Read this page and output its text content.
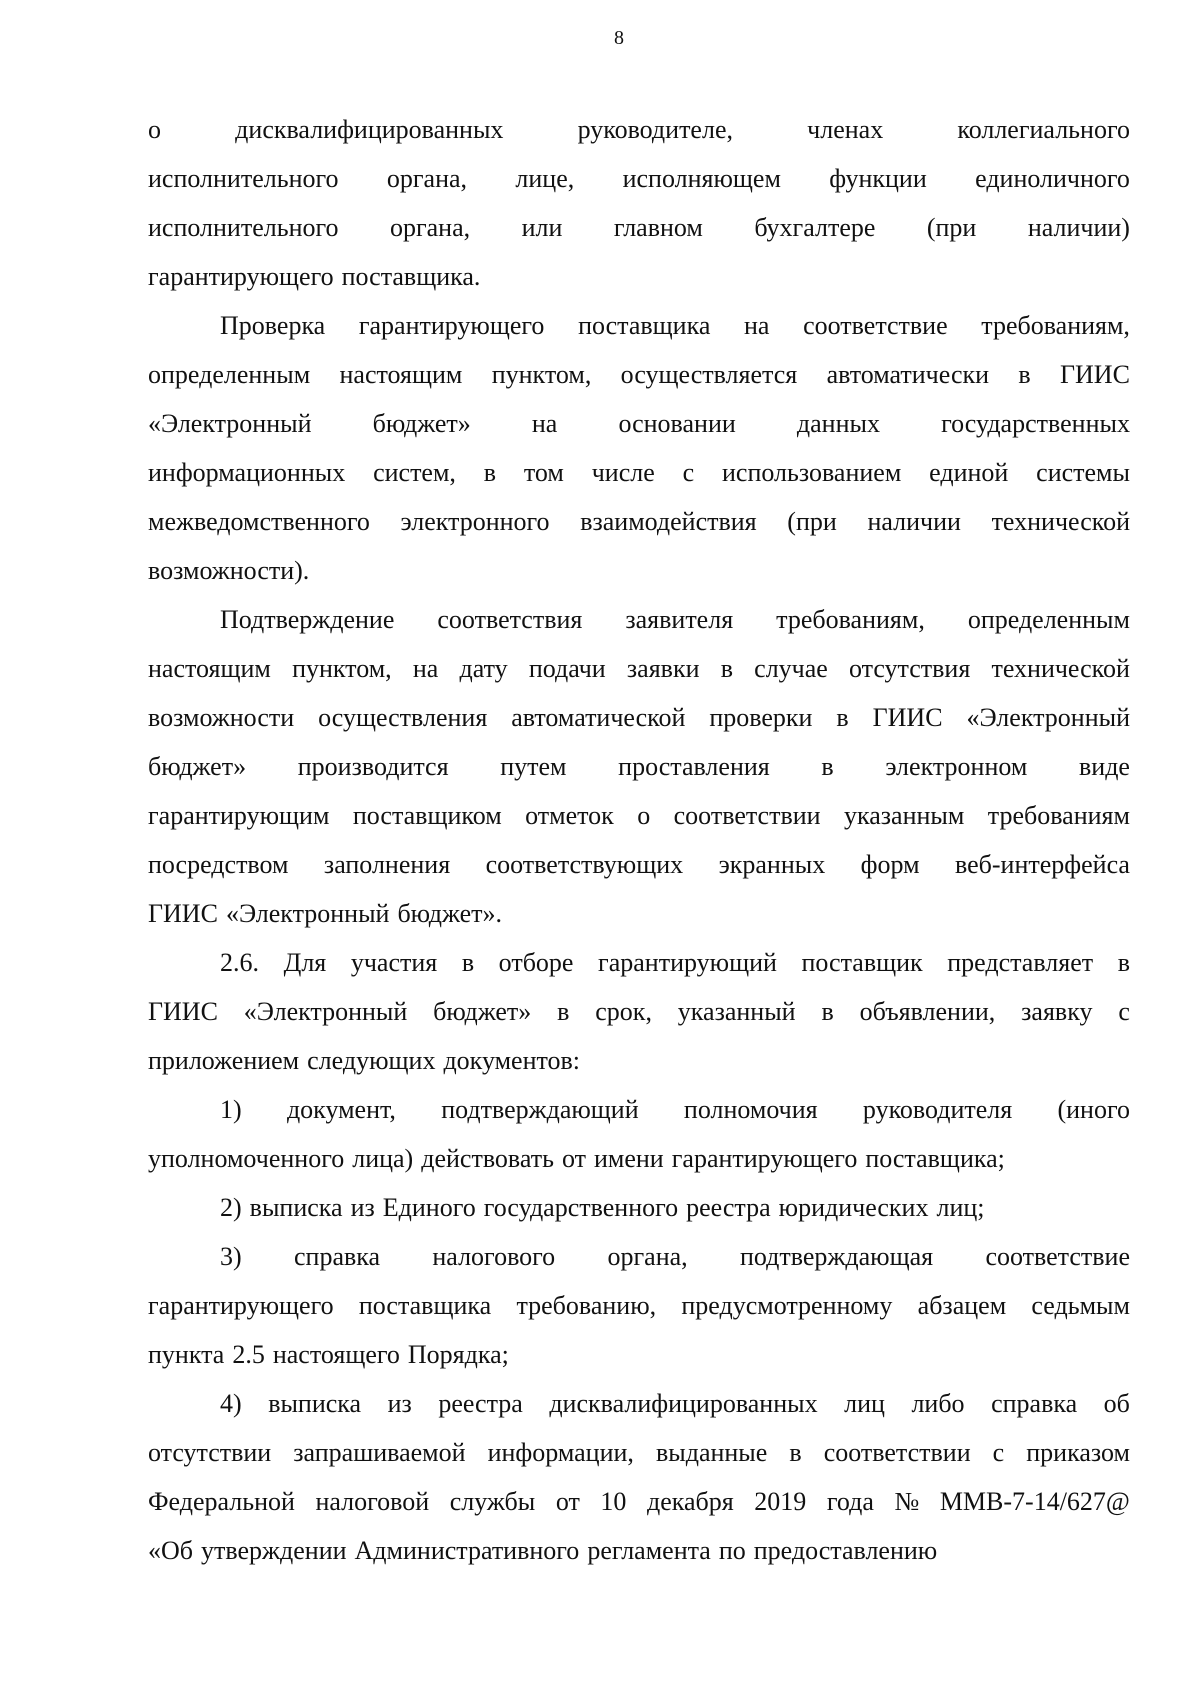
8
о	дисквалифицированных	руководителе,	членах	коллегиального
исполнительного органа, лице, исполняющем функции единоличного
исполнительного органа, или главном бухгалтере (при наличии)
гарантирующего поставщика.
Проверка гарантирующего поставщика на соответствие требованиям,
определенным настоящим пунктом, осуществляется автоматически в ГИИС
«Электронный бюджет» на основании данных государственных
информационных систем, в том числе с использованием единой системы
межведомственного электронного взаимодействия (при наличии технической
возможности).
Подтверждение соответствия заявителя требованиям, определенным
настоящим пунктом, на дату подачи заявки в случае отсутствия технической
возможности осуществления автоматической проверки в ГИИС «Электронный
бюджет» производится путем проставления в электронном виде
гарантирующим поставщиком отметок о соответствии указанным требованиям
посредством заполнения соответствующих экранных форм веб-интерфейса
ГИИС «Электронный бюджет».
2.6. Для участия в отборе гарантирующий поставщик представляет в
ГИИС «Электронный бюджет» в срок, указанный в объявлении, заявку с
приложением следующих документов:
1) документ, подтверждающий полномочия руководителя (иного
уполномоченного лица) действовать от имени гарантирующего поставщика;
2) выписка из Единого государственного реестра юридических лиц;
3) справка налогового органа, подтверждающая соответствие
гарантирующего поставщика требованию, предусмотренному абзацем седьмым
пункта 2.5 настоящего Порядка;
4) выписка из реестра дисквалифицированных лиц либо справка об
отсутствии запрашиваемой информации, выданные в соответствии с приказом
Федеральной налоговой службы от 10 декабря 2019 года № ММВ-7-14/627@
«Об утверждении Административного регламента по предоставлению
